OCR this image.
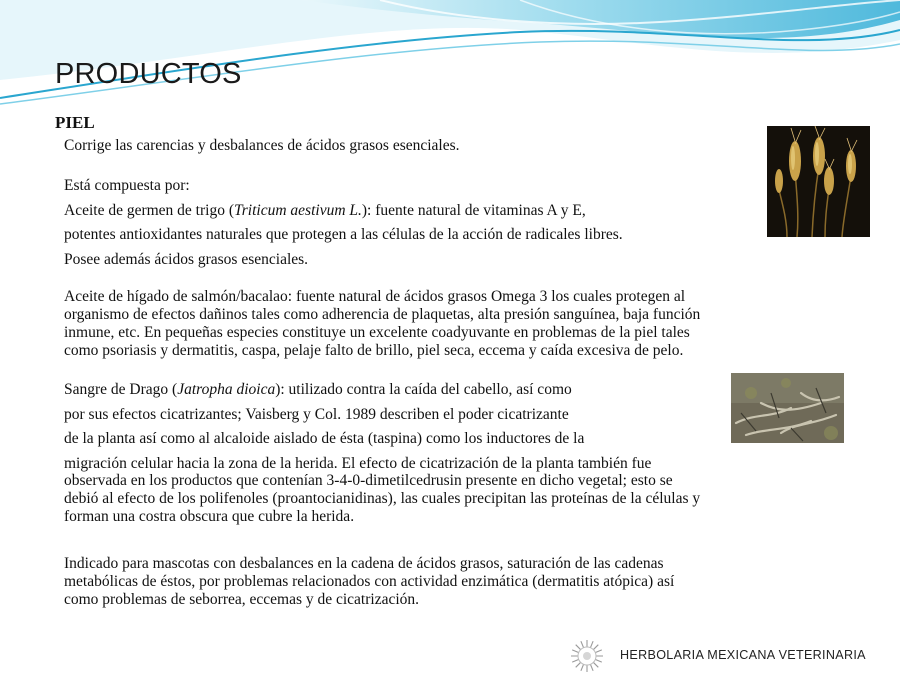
PRODUCTOS
PIEL

Corrige las carencias y desbalances de ácidos grasos esenciales.

Está compuesta por:
Aceite de germen de trigo (Triticum aestivum L.): fuente natural de vitaminas A y E,
potentes antioxidantes naturales que protegen a las células de la acción de radicales libres.
Posee además ácidos grasos esenciales.

Aceite de hígado de salmón/bacalao: fuente natural de ácidos grasos Omega 3 los cuales protegen al
organismo de efectos dañinos tales como adherencia de plaquetas, alta presión sanguínea, baja función
inmune, etc. En pequeñas especies constituye un excelente coadyuvante en problemas de la piel tales
como psoriasis y dermatitis, caspa, pelaje falto de brillo, piel seca, eccema y caída excesiva de pelo.

Sangre de Drago (Jatropha dioica): utilizado contra la caída del cabello, así como
por sus efectos cicatrizantes; Vaisberg y Col. 1989 describen el poder cicatrizante
de la planta así como al alcaloide aislado de ésta (taspina) como los inductores de la
migración celular hacia la zona de la herida. El efecto de cicatrización de la planta también fue

observada en los productos que contenían 3-4-0-dimetilcedrusin presente en dicho vegetal; esto se
debió al efecto de los polifenoles (proantocianidinas), las cuales precipitan las proteínas de la células y
forman una costra obscura que cubre la herida.

Indicado para mascotas con desbalances en la cadena de ácidos grasos, saturación de las cadenas
metabólicas de éstos, por problemas relacionados con actividad enzimática (dermatitis atópica) así
como problemas de seborrea, eccemas y de cicatrización.

HERBOLARIA MEXICANA VETERINARIA
